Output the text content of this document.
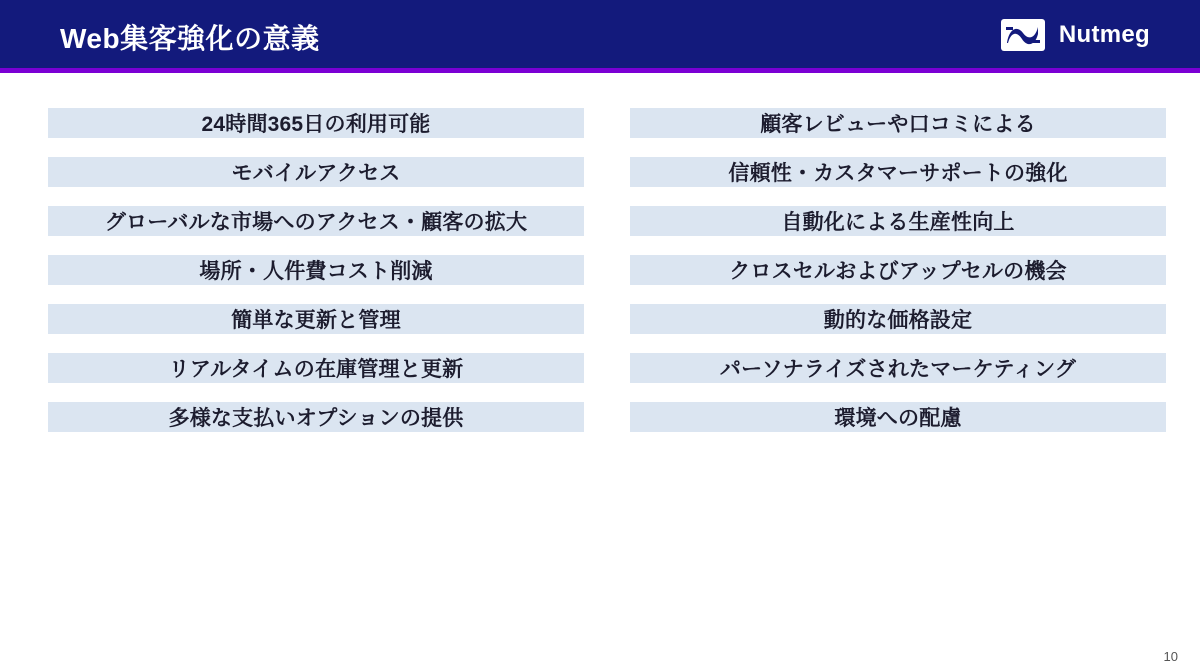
Web集客強化の意義	Nutmeg
24時間365日の利用可能
モバイルアクセス
グローバルな市場へのアクセス・顧客の拡大
場所・人件費コスト削減
簡単な更新と管理
リアルタイムの在庫管理と更新
多様な支払いオプションの提供
顧客レビューや口コミによる
信頼性・カスタマーサポートの強化
自動化による生産性向上
クロスセルおよびアップセルの機会
動的な価格設定
パーソナライズされたマーケティング
環境への配慮
10
